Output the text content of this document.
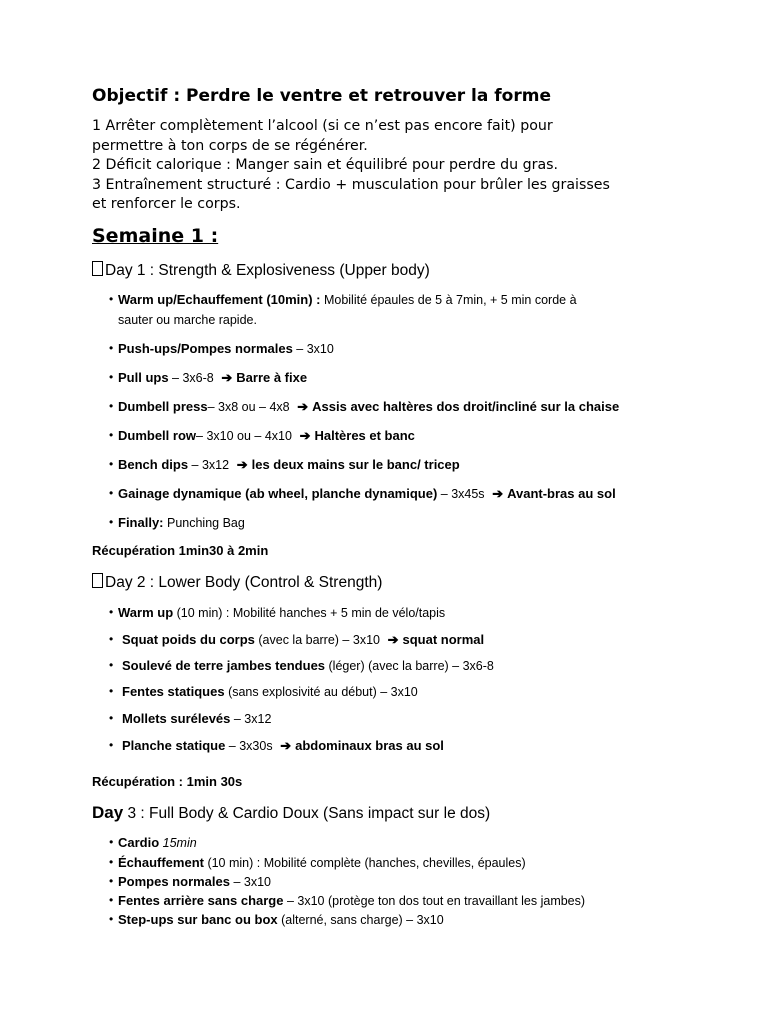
Objectif : Perdre le ventre et retrouver la forme
1 Arrêter complètement l’alcool (si ce n’est pas encore fait) pour
permettre à ton corps de se régénérer.
2 Déficit calorique : Manger sain et équilibré pour perdre du gras.
3 Entraînement structuré : Cardio + musculation pour brûler les graisses
et renforcer le corps.
Semaine 1 :
Day 1 : Strength & Explosiveness (Upper body)
• Warm up/Echauffement (10min) : Mobilité épaules de 5 à 7min, + 5 min corde à
sauter ou marche rapide.
• Push-ups/Pompes normales – 3x10
• Pull ups – 3x6-8 ➔ Barre à fixe
• Dumbell press– 3x8 ou – 4x8 ➔ Assis avec haltères dos droit/incliné sur la chaise
• Dumbell row– 3x10 ou – 4x10 ➔ Haltères et banc
• Bench dips – 3x12 ➔ les deux mains sur le banc/ tricep
• Gainage dynamique (ab wheel, planche dynamique) – 3x45s ➔ Avant-bras au sol
• Finally: Punching Bag
Récupération 1min30 à 2min
Day 2 : Lower Body (Control & Strength)
• Warm up (10 min) : Mobilité hanches + 5 min de vélo/tapis
• Squat poids du corps (avec la barre) – 3x10 ➔ squat normal
• Soulevé de terre jambes tendues (léger) (avec la barre) – 3x6-8
• Fentes statiques (sans explosivité au début) – 3x10
• Mollets surélevés – 3x12
• Planche statique – 3x30s ➔ abdominaux bras au sol
Récupération : 1min 30s
Day 3 : Full Body & Cardio Doux (Sans impact sur le dos)
• Cardio 15min
• Échauffement (10 min) : Mobilité complète (hanches, chevilles, épaules)
• Pompes normales – 3x10
• Fentes arrière sans charge – 3x10 (protège ton dos tout en travaillant les jambes)
• Step-ups sur banc ou box (alterné, sans charge) – 3x10
